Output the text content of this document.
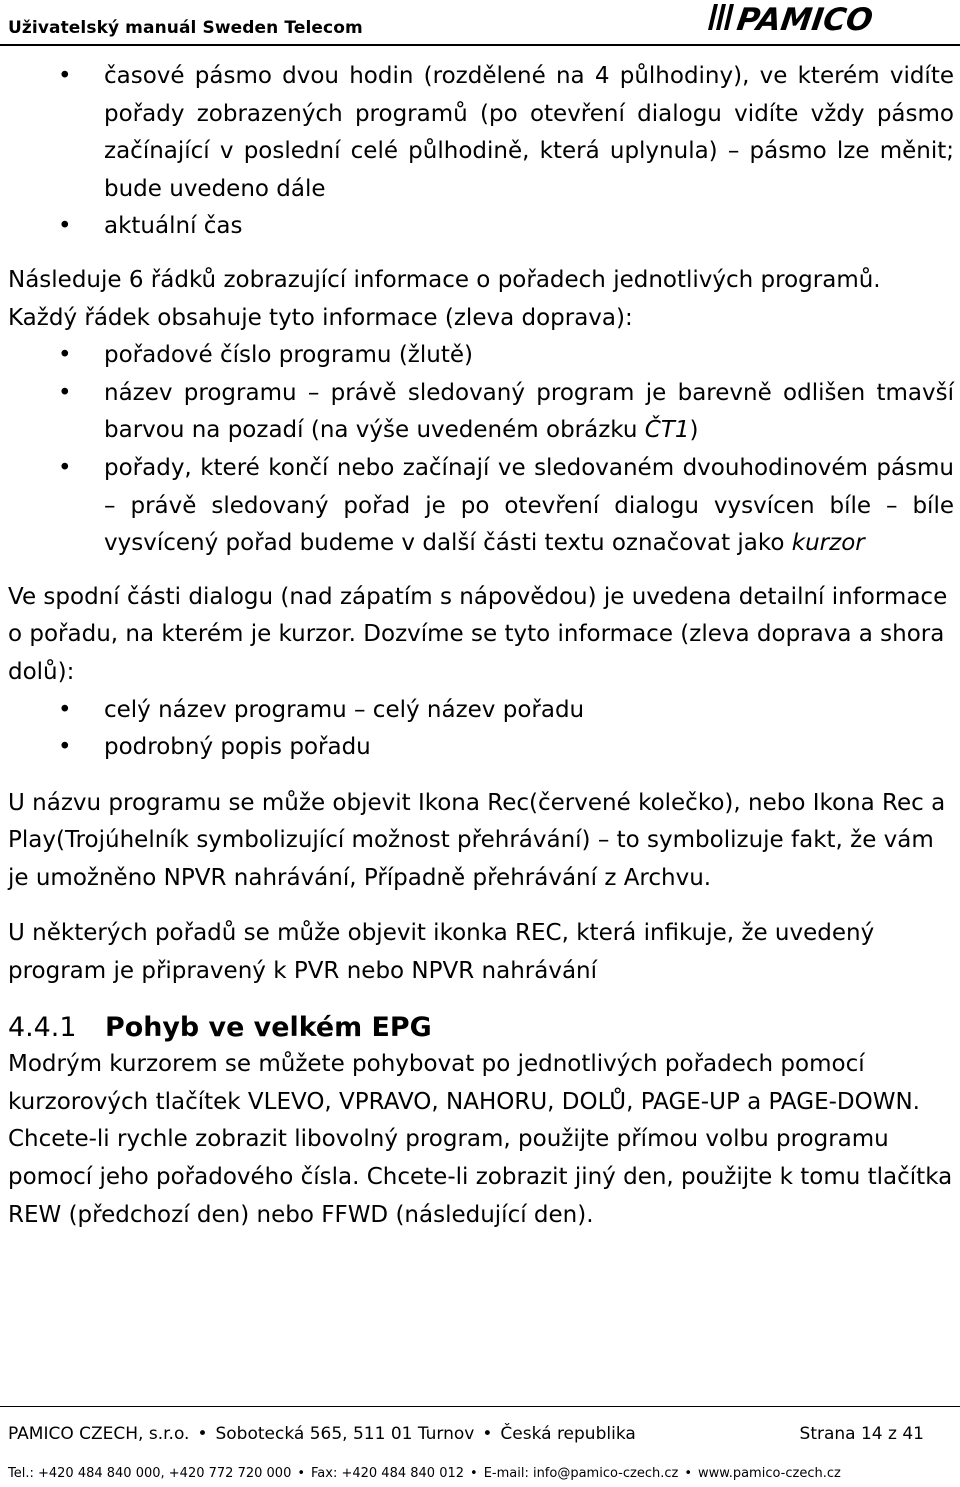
Uživatelský manuál Sweden Telecom	PAMICO
• časové pásmo dvou hodin (rozdělené na 4 půlhodiny), ve kterém vidíte pořady zobrazených programů (po otevření dialogu vidíte vždy pásmo začínající v poslední celé půlhodině, která uplynula) – pásmo lze měnit; bude uvedeno dále
• aktuální čas

Následuje 6 řádků zobrazující informace o pořadech jednotlivých programů. Každý řádek obsahuje tyto informace (zleva doprava):

• pořadové číslo programu (žlutě)
• název programu – právě sledovaný program je barevně odlišen tmavší barvou na pozadí (na výše uvedeném obrázku ČT1)
• pořady, které končí nebo začínají ve sledovaném dvouhodinovém pásmu – právě sledovaný pořad je po otevření dialogu vysvícen bíle – bíle vysvícený pořad budeme v další části textu označovat jako kurzor

Ve spodní části dialogu (nad zápatím s nápovědou) je uvedena detailní informace o pořadu, na kterém je kurzor. Dozvíme se tyto informace (zleva doprava a shora dolů):

• celý název programu – celý název pořadu
• podrobný popis pořadu

U názvu programu se může objevit Ikona Rec(červené kolečko), nebo Ikona Rec a Play(Trojúhelník symbolizující možnost přehrávání) – to symbolizuje fakt, že vám je umožněno NPVR nahrávání, Případně přehrávání z Archvu.

U některých pořadů se může objevit ikonka REC, která infikuje, že uvedený program je připravený k PVR nebo NPVR nahrávání

4.4.1 Pohyb ve velkém EPG

Modrým kurzorem se můžete pohybovat po jednotlivých pořadech pomocí kurzorových tlačítek VLEVO, VPRAVO, NAHORU, DOLŮ, PAGE-UP a PAGE-DOWN. Chcete-li rychle zobrazit libovolný program, použijte přímou volbu programu pomocí jeho pořadového čísla. Chcete-li zobrazit jiný den, použijte k tomu tlačítka REW (předchozí den) nebo FFWD (následující den).

PAMICO CZECH, s.r.o. • Sobotecká 565, 511 01 Turnov • Česká republika	Strana 14 z 41
Tel.: +420 484 840 000, +420 772 720 000 • Fax: +420 484 840 012 • E-mail: info@pamico-czech.cz • www.pamico-czech.cz
